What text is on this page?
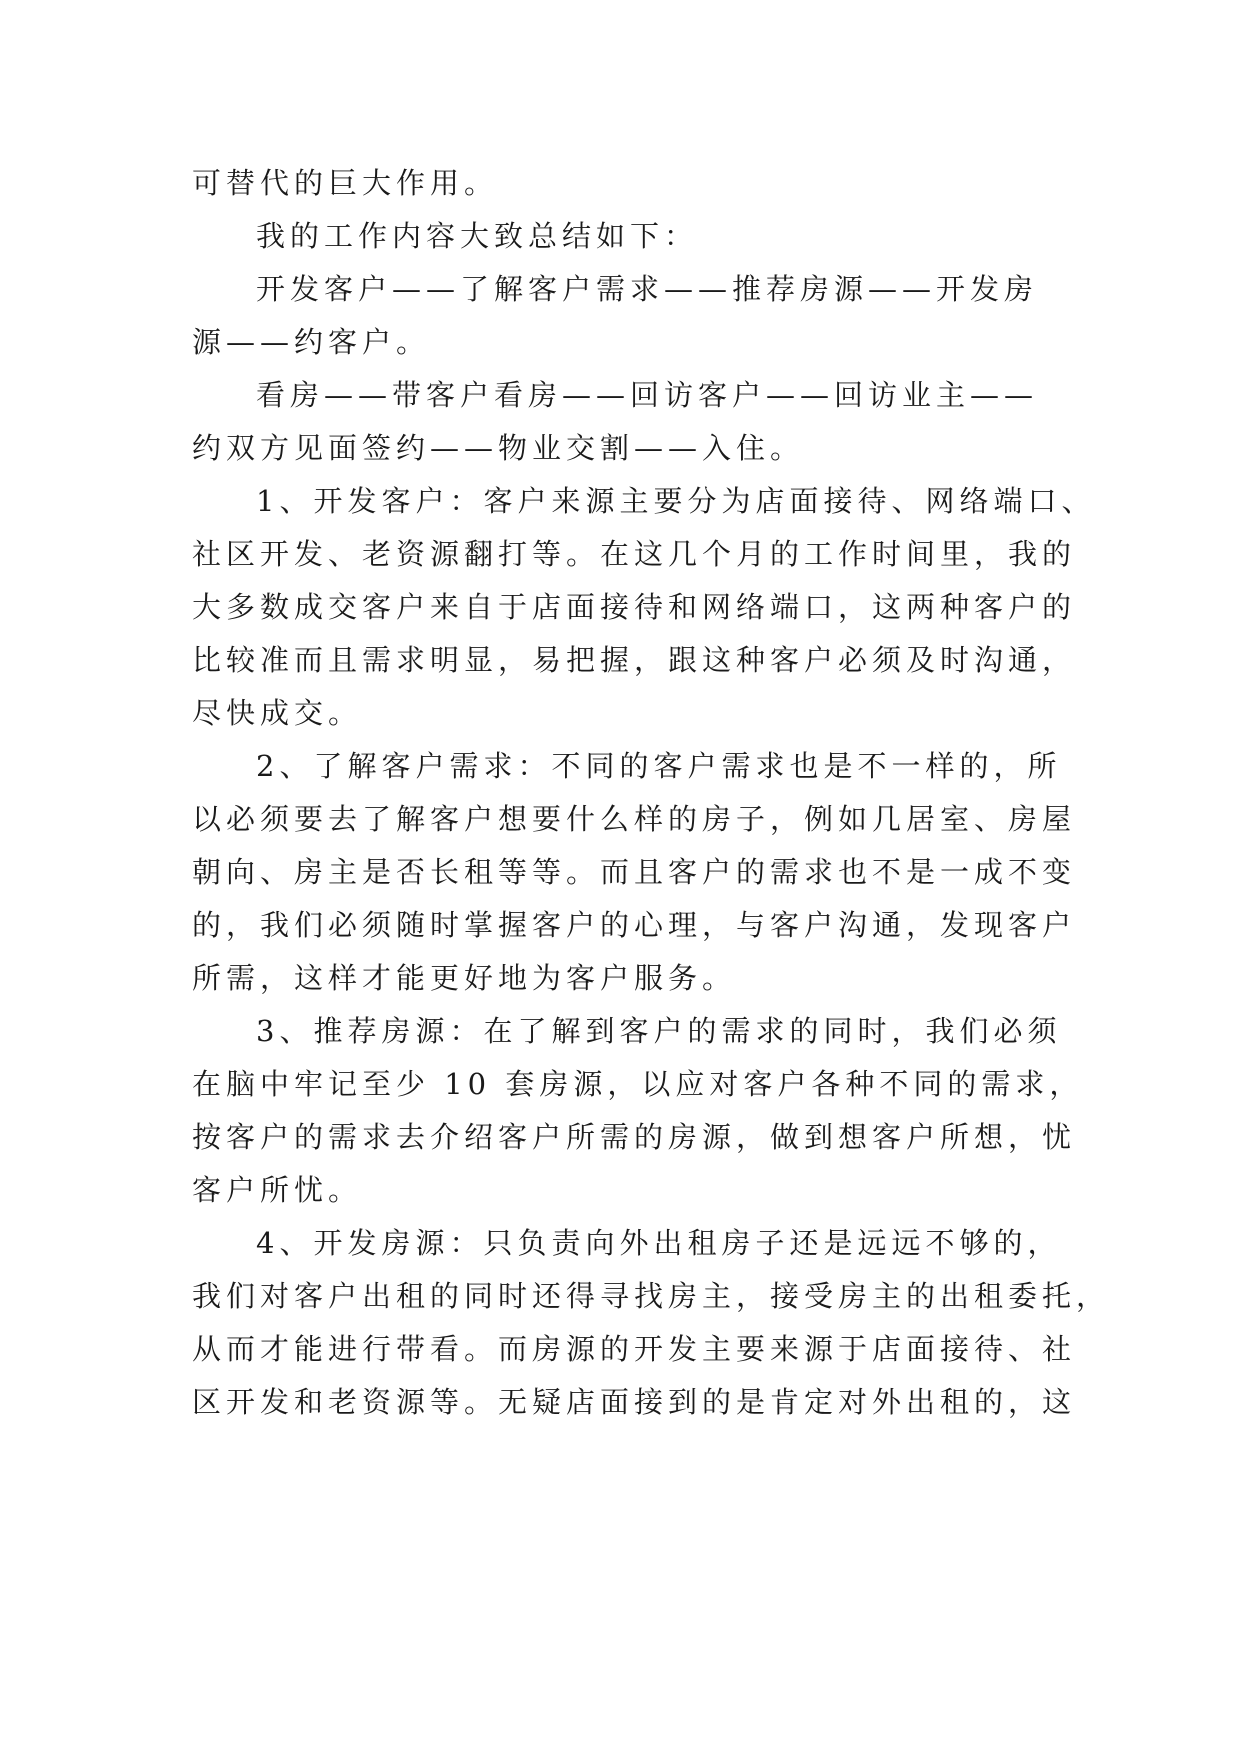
可替代的巨大作用。

我的工作内容大致总结如下：

开发客户——了解客户需求——推荐房源——开发房

源——约客户。

看房——带客户看房——回访客户——回访业主——

约双方见面签约——物业交割——入住。

1、开发客户：客户来源主要分为店面接待、网络端口、

社区开发、老资源翻打等。在这几个月的工作时间里，我的

大多数成交客户来自于店面接待和网络端口，这两种客户的

比较准而且需求明显，易把握，跟这种客户必须及时沟通，

尽快成交。

2、了解客户需求：不同的客户需求也是不一样的，所

以必须要去了解客户想要什么样的房子，例如几居室、房屋

朝向、房主是否长租等等。而且客户的需求也不是一成不变

的，我们必须随时掌握客户的心理，与客户沟通，发现客户

所需，这样才能更好地为客户服务。

3、推荐房源：在了解到客户的需求的同时，我们必须

在脑中牢记至少 10 套房源，以应对客户各种不同的需求，

按客户的需求去介绍客户所需的房源，做到想客户所想，忧

客户所忧。

4、开发房源：只负责向外出租房子还是远远不够的，

我们对客户出租的同时还得寻找房主，接受房主的出租委托，

从而才能进行带看。而房源的开发主要来源于店面接待、社

区开发和老资源等。无疑店面接到的是肯定对外出租的，这
